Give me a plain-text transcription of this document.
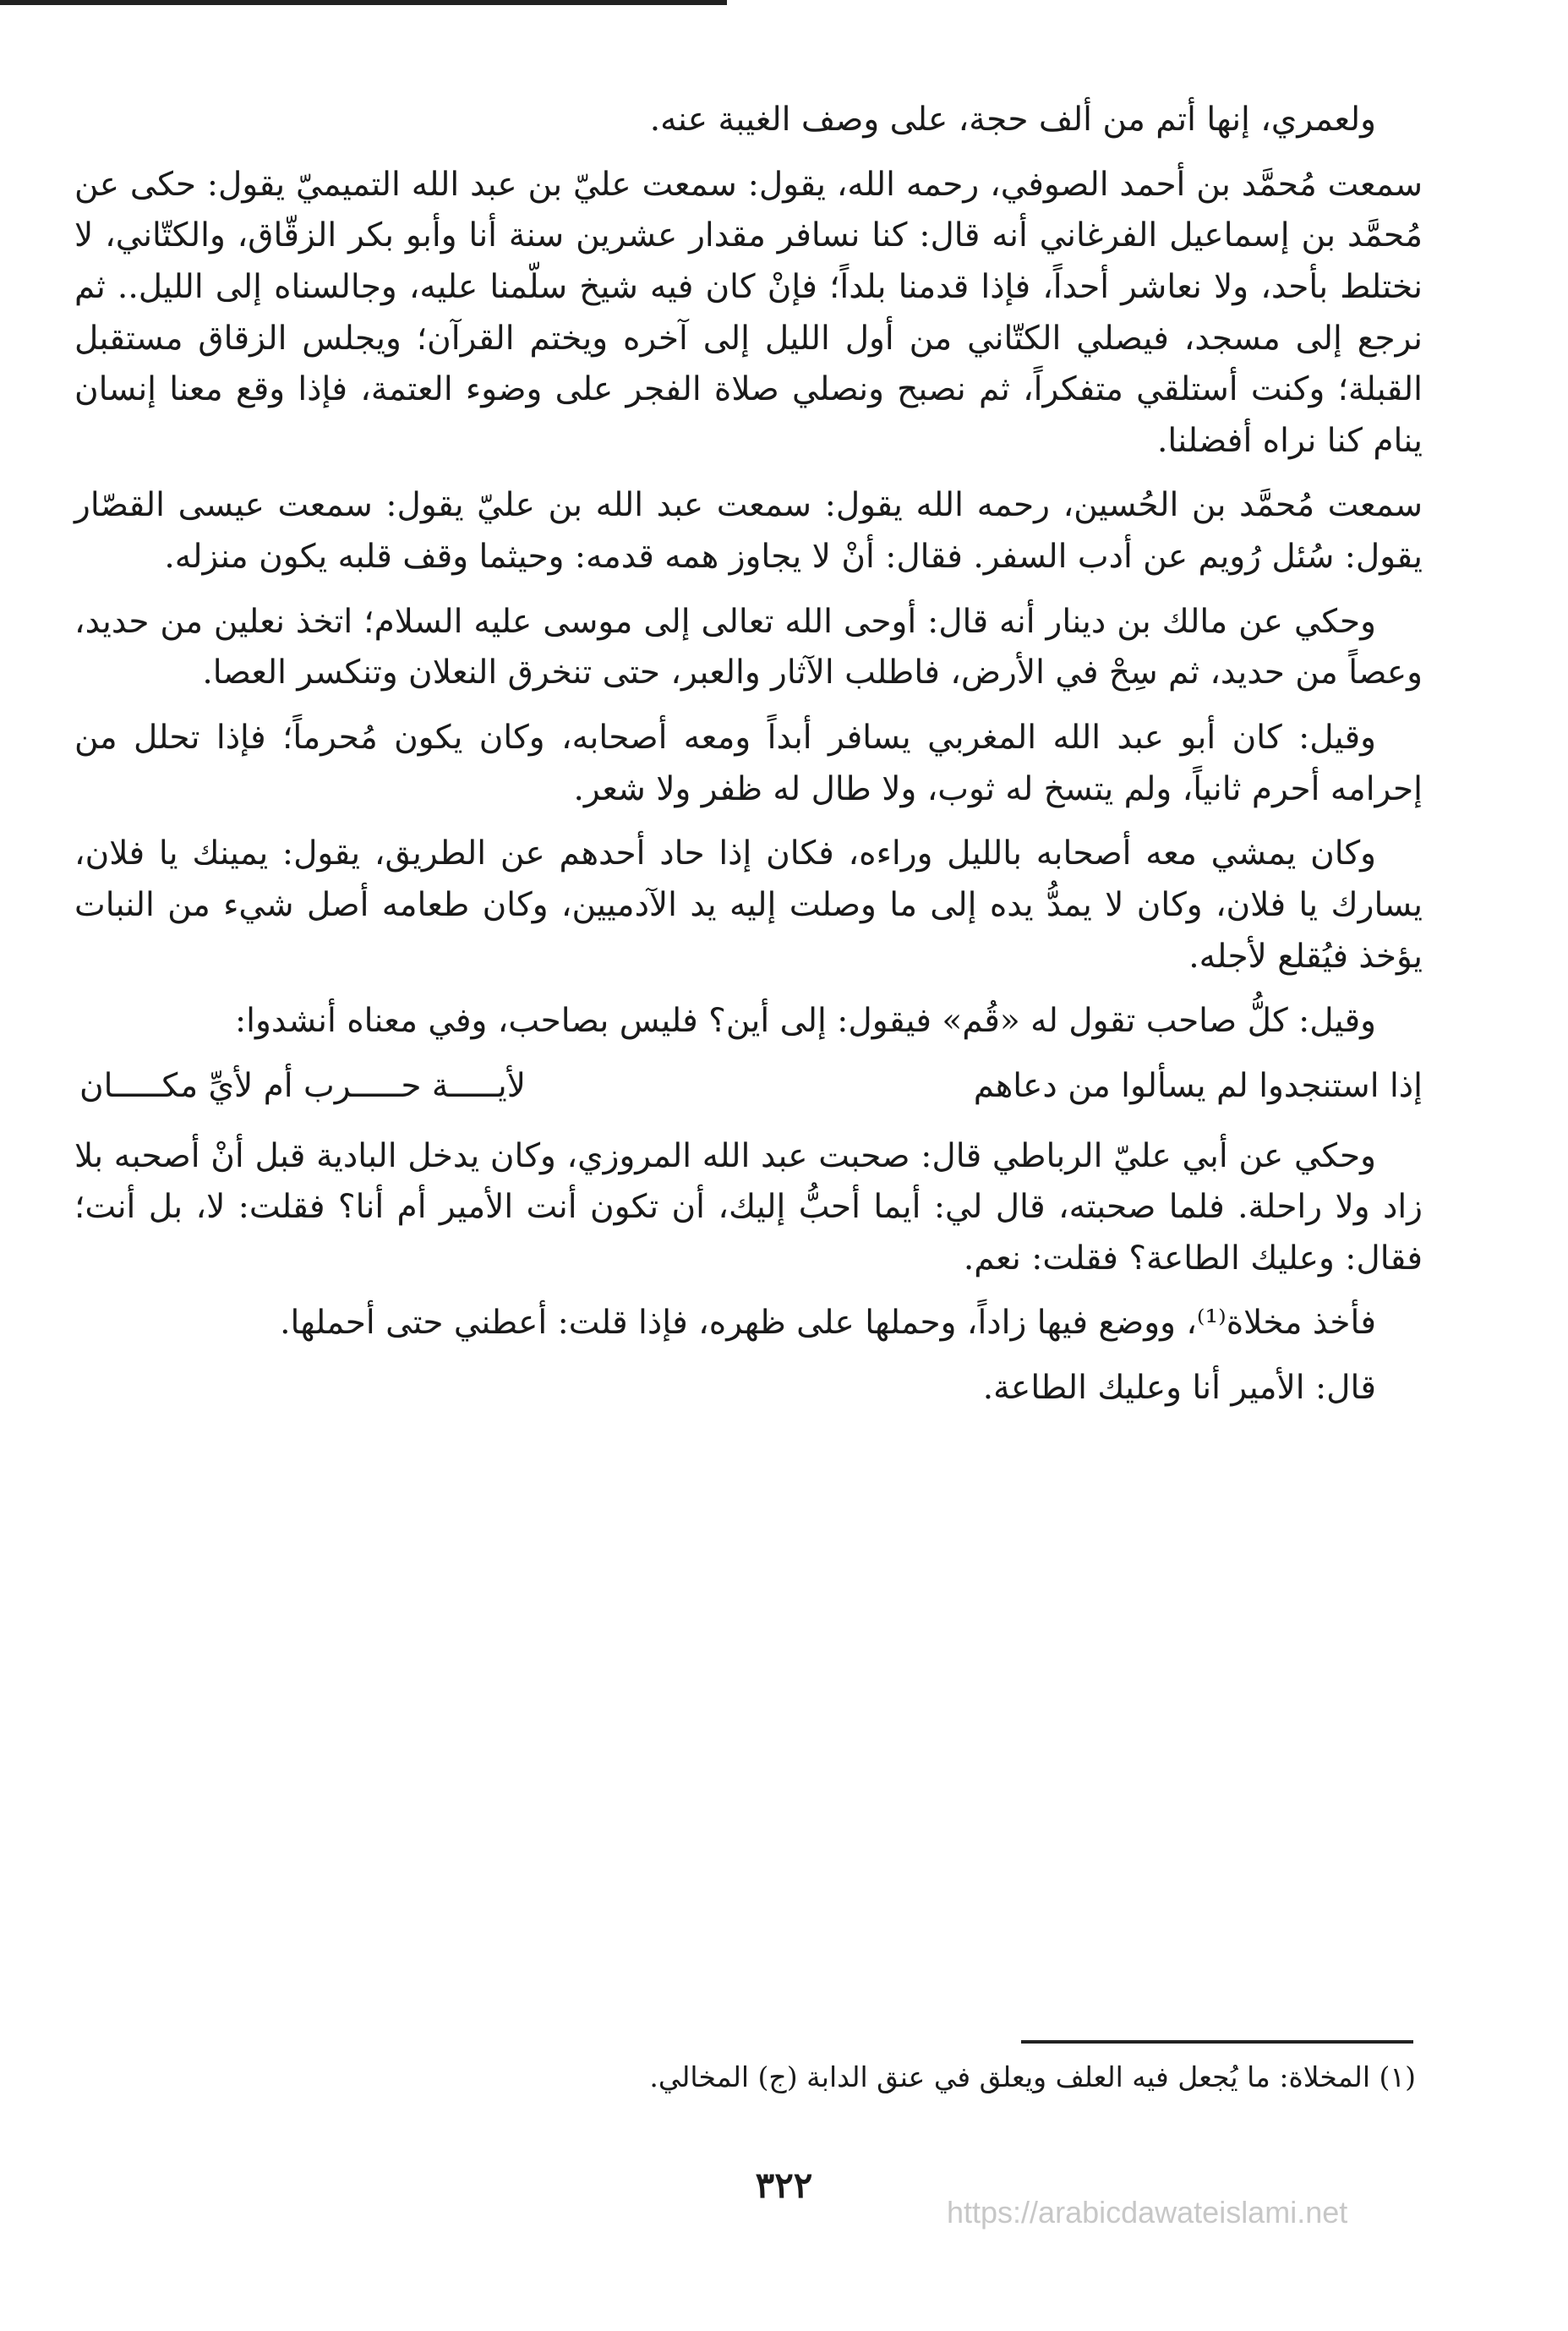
ولعمري، إنها أتم من ألف حجة، على وصف الغيبة عنه.

سمعت مُحمَّد بن أحمد الصوفي، رحمه الله، يقول: سمعت عليّ بن عبد الله التميميّ يقول: حكى عن مُحمَّد بن إسماعيل الفرغاني أنه قال: كنا نسافر مقدار عشرين سنة أنا وأبو بكر الزقّاق، والكتّاني، لا نختلط بأحد، ولا نعاشر أحداً، فإذا قدمنا بلداً؛ فإنْ كان فيه شيخ سلّمنا عليه، وجالسناه إلى الليل.. ثم نرجع إلى مسجد، فيصلي الكتّاني من أول الليل إلى آخره ويختم القرآن؛ ويجلس الزقاق مستقبل القبلة؛ وكنت أستلقي متفكراً، ثم نصبح ونصلي صلاة الفجر على وضوء العتمة، فإذا وقع معنا إنسان ينام كنا نراه أفضلنا.

سمعت مُحمَّد بن الحُسين، رحمه الله يقول: سمعت عبد الله بن عليّ يقول: سمعت عيسى القصّار يقول: سُئل رُويم عن أدب السفر. فقال: أنْ لا يجاوز همه قدمه: وحيثما وقف قلبه يكون منزله.

وحكي عن مالك بن دينار أنه قال: أوحى الله تعالى إلى موسى عليه السلام؛ اتخذ نعلين من حديد، وعصاً من حديد، ثم سِحْ في الأرض، فاطلب الآثار والعبر، حتى تنخرق النعلان وتنكسر العصا.

وقيل: كان أبو عبد الله المغربي يسافر أبداً ومعه أصحابه، وكان يكون مُحرماً؛ فإذا تحلل من إحرامه أحرم ثانياً، ولم يتسخ له ثوب، ولا طال له ظفر ولا شعر.

وكان يمشي معه أصحابه بالليل وراءه، فكان إذا حاد أحدهم عن الطريق، يقول: يمينك يا فلان، يسارك يا فلان، وكان لا يمدُّ يده إلى ما وصلت إليه يد الآدميين، وكان طعامه أصل شيء من النبات يؤخذ فيُقلع لأجله.

وقيل: كلُّ صاحب تقول له «قُم» فيقول: إلى أين؟ فليس بصاحب، وفي معناه أنشدوا:

إذا استنجدوا لم يسألوا من دعاهم
لأيـــــة حـــــرب أم لأيِّ مكـــــان

وحكي عن أبي عليّ الرباطي قال: صحبت عبد الله المروزي، وكان يدخل البادية قبل أنْ أصحبه بلا زاد ولا راحلة. فلما صحبته، قال لي: أيما أحبُّ إليك، أن تكون أنت الأمير أم أنا؟ فقلت: لا، بل أنت؛ فقال: وعليك الطاعة؟ فقلت: نعم.

فأخذ مخلاة⁽¹⁾، ووضع فيها زاداً، وحملها على ظهره، فإذا قلت: أعطني حتى أحملها.

قال: الأمير أنا وعليك الطاعة.

(١) المخلاة: ما يُجعل فيه العلف ويعلق في عنق الدابة (ج) المخالي.
٣٢٢
https://arabicdawateislami.net
